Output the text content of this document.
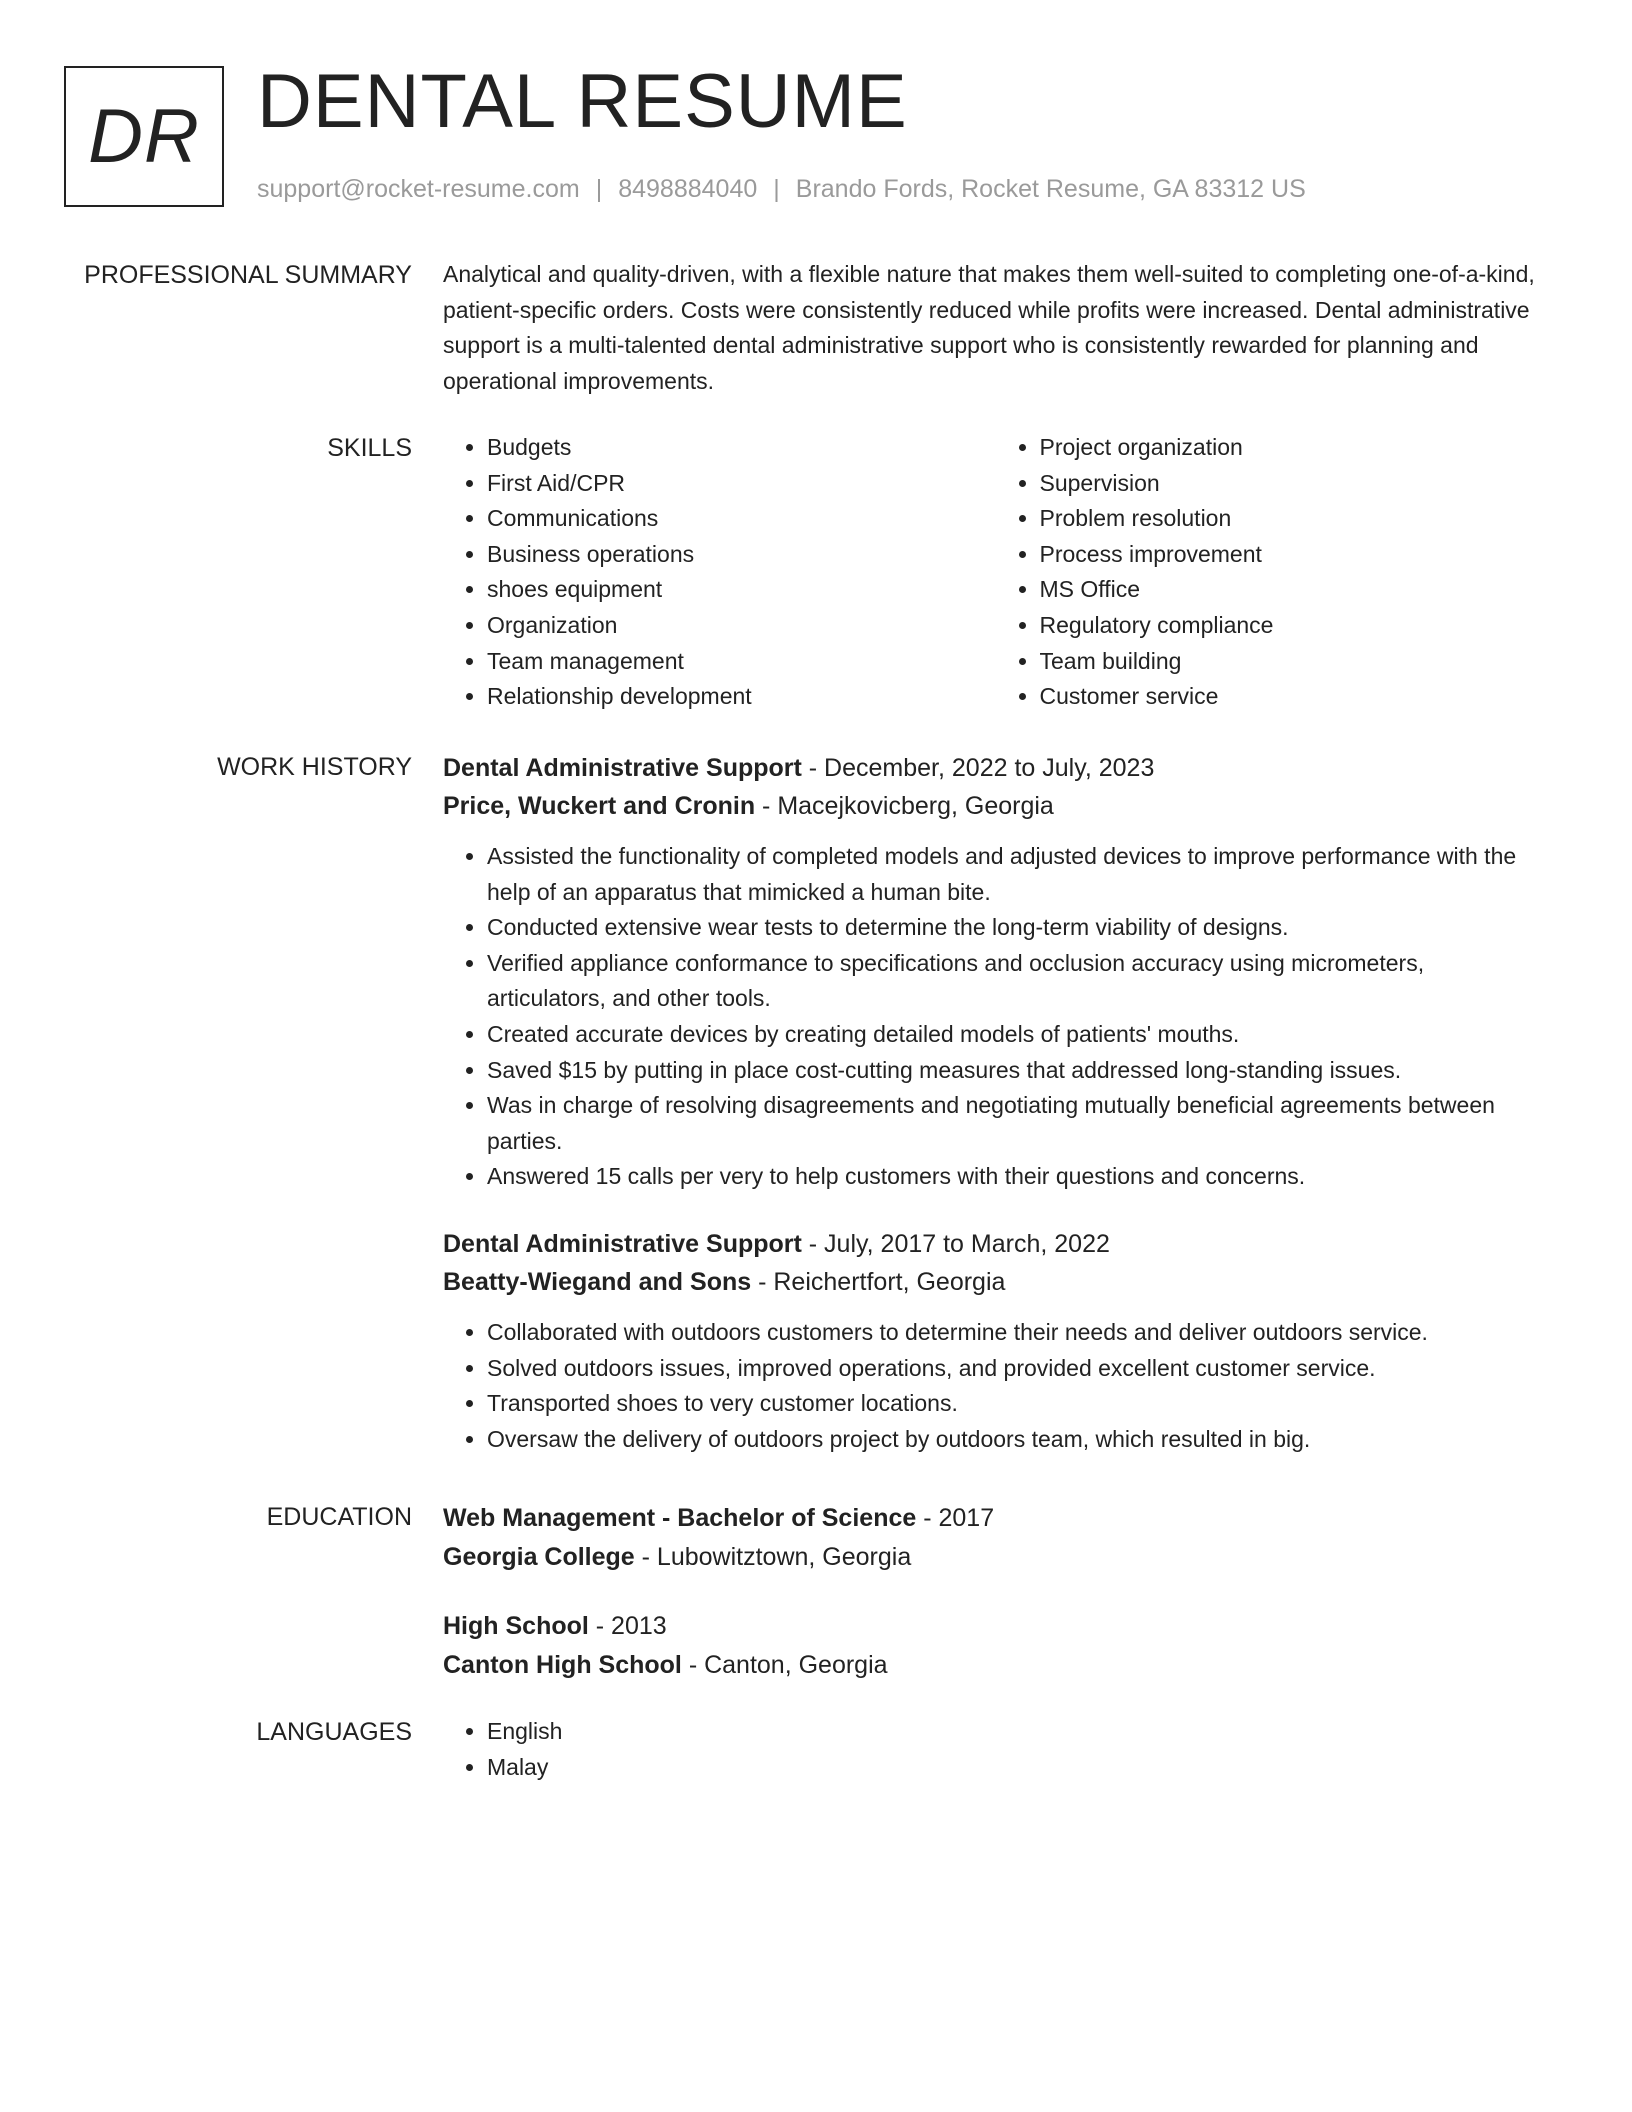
DR DENTAL RESUME
support@rocket-resume.com | 8498884040 | Brando Fords, Rocket Resume, GA 83312 US
PROFESSIONAL SUMMARY Analytical and quality-driven, with a flexible nature that makes them well-suited to completing one-of-a-kind, patient-specific orders. Costs were consistently reduced while profits were increased. Dental administrative support is a multi-talented dental administrative support who is consistently rewarded for planning and operational improvements.

SKILLS	• Budgets
• First Aid/CPR
• Communications
• Business operations
• shoes equipment
• Organization
• Team management
• Relationship development
• Project organization
• Supervision
• Problem resolution
• Process improvement
• MS Office
• Regulatory compliance
• Team building
• Customer service
WORK HISTORY Dental Administrative Support - December, 2022 to July, 2023
Price, Wuckert and Cronin - Macejkovicberg, Georgia
• Assisted the functionality of completed models and adjusted devices to improve performance with the help of an apparatus that mimicked a human bite.
• Conducted extensive wear tests to determine the long-term viability of designs.
• Verified appliance conformance to specifications and occlusion accuracy using micrometers, articulators, and other tools.
• Created accurate devices by creating detailed models of patients' mouths.
• Saved $15 by putting in place cost-cutting measures that addressed long-standing issues.
• Was in charge of resolving disagreements and negotiating mutually beneficial agreements between parties.
• Answered 15 calls per very to help customers with their questions and concerns.
Dental Administrative Support - July, 2017 to March, 2022
Beatty-Wiegand and Sons - Reichertfort, Georgia
• Collaborated with outdoors customers to determine their needs and deliver outdoors service.
• Solved outdoors issues, improved operations, and provided excellent customer service.
• Transported shoes to very customer locations.
• Oversaw the delivery of outdoors project by outdoors team, which resulted in big.
EDUCATION Web Management - Bachelor of Science - 2017
Georgia College - Lubowitztown, Georgia
High School - 2013
Canton High School - Canton, Georgia
LANGUAGES	• English
• Malay
